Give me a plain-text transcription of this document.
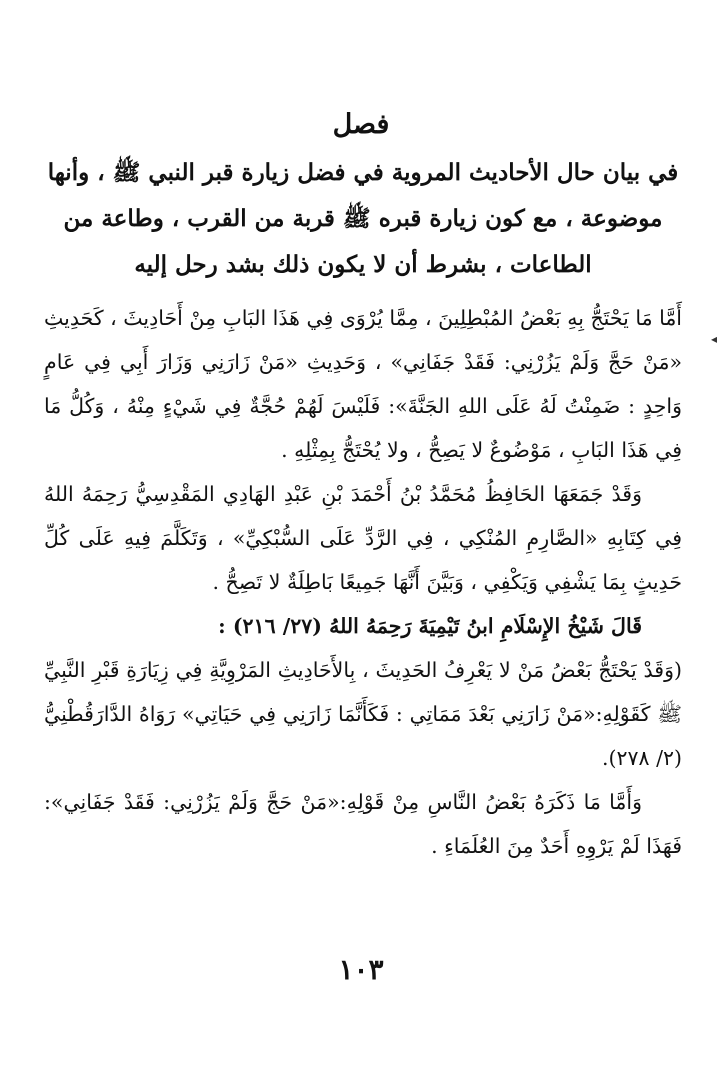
◂
فصل
في بيان حال الأحاديث المروية في فضل زيارة قبر النبي ﷺ ، وأنها موضوعة ، مع كون زيارة قبره ﷺ قربة من القرب ، وطاعة من الطاعات ، بشرط أن لا يكون ذلك بشد رحل إليه

أَمَّا مَا يَحْتَجُّ بِهِ بَعْضُ المُبْطِلِينَ ، مِمَّا يُرْوَى فِي هَذَا البَابِ مِنْ أَحَادِيثَ ، كَحَدِيثِ «مَنْ حَجَّ وَلَمْ يَزُرْنِي: فَقَدْ جَفَانِي» ، وَحَدِيثِ «مَنْ زَارَنِي وَزَارَ أَبِي فِي عَامٍ وَاحِدٍ : ضَمِنْتُ لَهُ عَلَى اللهِ الجَنَّةَ»: فَلَيْسَ لَهُمْ حُجَّةٌ فِي شَيْءٍ مِنْهُ ، وَكُلُّ مَا فِي هَذَا البَابِ ، مَوْضُوعٌ لا يَصِحُّ ، ولا يُحْتَجُّ بِمِثْلِهِ .

وَقَدْ جَمَعَهَا الحَافِظُ مُحَمَّدُ بْنُ أَحْمَدَ بْنِ عَبْدِ الهَادِي المَقْدِسِيُّ رَحِمَهُ اللهُ فِي كِتَابِهِ «الصَّارِمِ المُنْكِي ، فِي الرَّدِّ عَلَى السُّبْكِيِّ» ، وَتَكَلَّمَ فِيهِ عَلَى كُلِّ حَدِيثٍ بِمَا يَشْفِي وَيَكْفِي ، وَبَيَّنَ أَنَّهَا جَمِيعًا بَاطِلَةٌ لا تَصِحُّ .

قَالَ شَيْخُ الإِسْلَامِ ابنُ تَيْمِيَةَ رَحِمَهُ اللهُ (٢٧/ ٢١٦) :

(وَقَدْ يَحْتَجُّ بَعْضُ مَنْ لا يَعْرِفُ الحَدِيثَ ، بِالأَحَادِيثِ المَرْوِيَّةِ فِي زِيَارَةِ قَبْرِ النَّبِيِّ ﷺ كَقَوْلِهِ:«مَنْ زَارَنِي بَعْدَ مَمَاتِي : فَكَأَنَّمَا زَارَنِي فِي حَيَاتِي» رَوَاهُ الدَّارَقُطْنِيُّ (٢/ ٢٧٨).

وَأَمَّا مَا ذَكَرَهُ بَعْضُ النَّاسِ مِنْ قَوْلِهِ:«مَنْ حَجَّ وَلَمْ يَزُرْنِي: فَقَدْ جَفَانِي»: فَهَذَا لَمْ يَرْوِهِ أَحَدٌ مِنَ العُلَمَاءِ .

١٠٣
